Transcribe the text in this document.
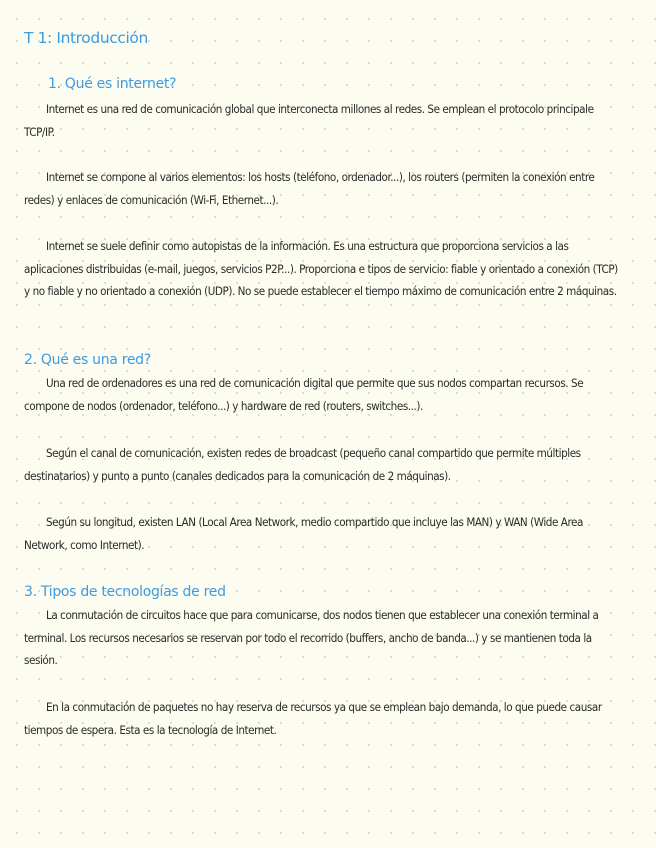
T 1: Introducción
1. Qué es internet?

Internet es una red de comunicación global que interconecta millones al redes. Se emplean el protocolo principale TCP/IP.

Internet se compone al varios elementos: los hosts (teléfono, ordenador...), los routers (permiten la conexión entre redes) y enlaces de comunicación (Wi-Fi, Ethernet...).

Internet se suele definir como autopistas de la información. Es una estructura que proporciona servicios a las aplicaciones distribuidas (e-mail, juegos, servicios P2P...). Proporciona e tipos de servicio: fiable y orientado a conexión (TCP) y no fiable y no orientado a conexión (UDP). No se puede establecer el tiempo máximo de comunicación entre 2 máquinas.

2. Qué es una red?

Una red de ordenadores es una red de comunicación digital que permite que sus nodos compartan recursos. Se compone de nodos (ordenador, teléfono...) y hardware de red (routers, switches...).

Según el canal de comunicación, existen redes de broadcast (pequeño canal compartido que permite múltiples destinatarios) y punto a punto (canales dedicados para la comunicación de 2 máquinas).

Según su longitud, existen LAN (Local Area Network, medio compartido que incluye las MAN) y WAN (Wide Area Network, como Internet).

3. Tipos de tecnologías de red

La conmutación de circuitos hace que para comunicarse, dos nodos tienen que establecer una conexión terminal a terminal. Los recursos necesarios se reservan por todo el recorrido (buffers, ancho de banda...) y se mantienen toda la sesión.

En la conmutación de paquetes no hay reserva de recursos ya que se emplean bajo demanda, lo que puede causar tiempos de espera. Esta es la tecnología de Internet.
